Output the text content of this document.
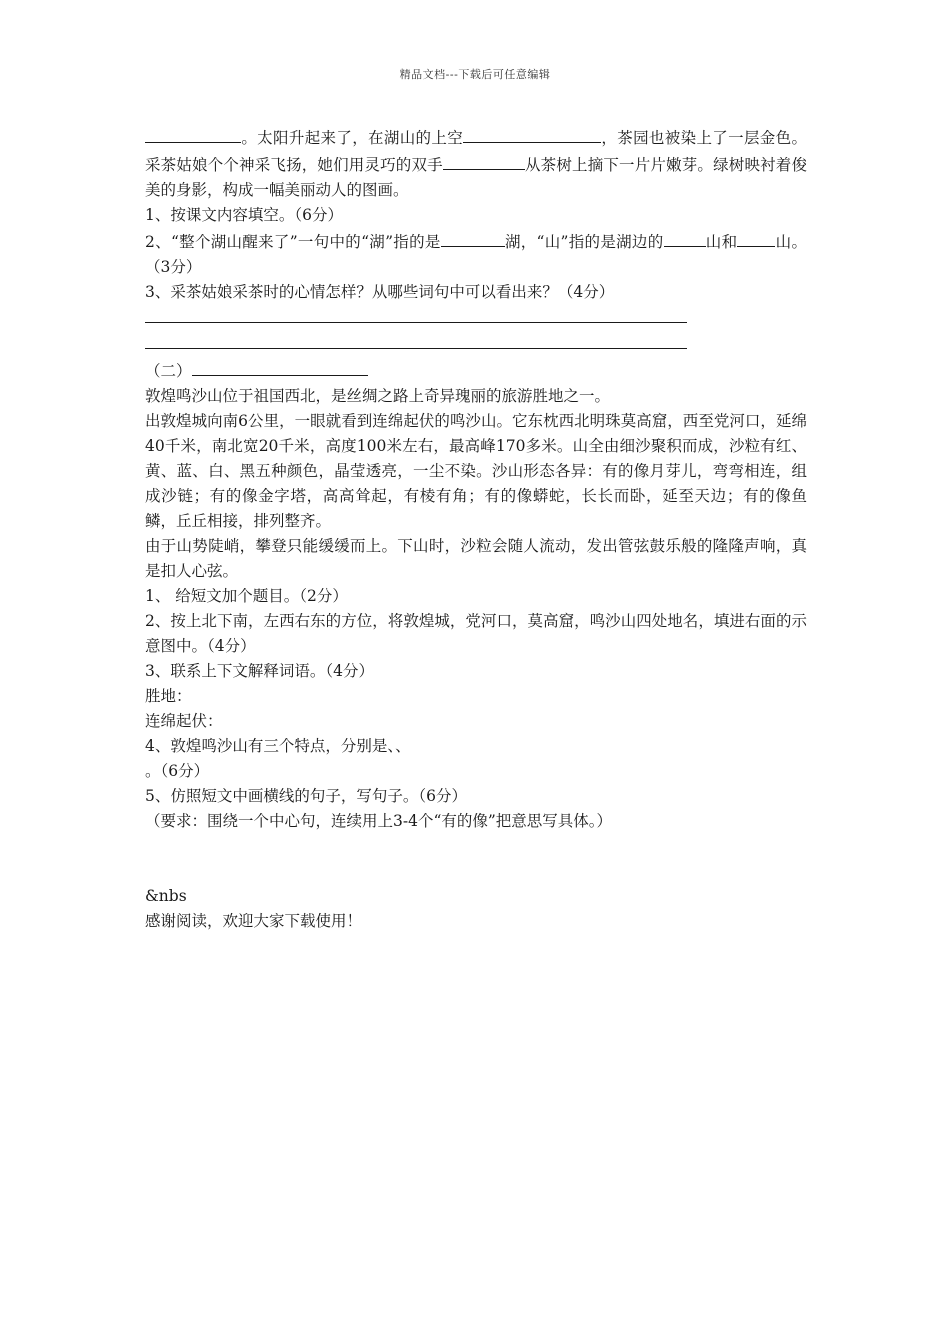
精品文档---下载后可任意编辑

。太阳升起来了，在湖山的上空	，茶园也被染上了一层金色。采茶姑娘个个神采飞扬，她们用灵巧的双手	从茶树上摘下一片片嫩芽。绿树映衬着俊美的身影，构成一幅美丽动人的图画。

1、按课文内容填空。（6分）

2、“整个湖山醒来了”一句中的“湖”指的是	湖，“山”指的是湖边的	山和 山。（3分）

3、采茶姑娘采茶时的心情怎样？从哪些词句中可以看出来？（4分）

（二）

敦煌鸣沙山位于祖国西北，是丝绸之路上奇异瑰丽的旅游胜地之一。

出敦煌城向南6公里，一眼就看到连绵起伏的鸣沙山。它东枕西北明珠莫高窟，西至党河口，延绵40千米，南北宽20千米，高度100米左右，最高峰170多米。山全由细沙聚积而成，沙粒有红、黄、蓝、白、黑五种颜色，晶莹透亮，一尘不染。沙山形态各异：有的像月芽儿，弯弯相连，组成沙链；有的像金字塔，高高耸起，有棱有角；有的像蟒蛇，长长而卧，延至天边；有的像鱼鳞，丘丘相接，排列整齐。

由于山势陡峭，攀登只能缓缓而上。下山时，沙粒会随人流动，发出管弦鼓乐般的隆隆声响，真是扣人心弦。

1、 给短文加个题目。（2分）

2、按上北下南，左西右东的方位，将敦煌城，党河口，莫高窟，鸣沙山四处地名，填进右面的示意图中。（4分）

3、联系上下文解释词语。（4分）

胜地：

连绵起伏：

4、敦煌鸣沙山有三个特点，分别是、、

。（6分）

5、仿照短文中画横线的句子，写句子。（6分）

（要求：围绕一个中心句，连续用上3-4个“有的像”把意思写具体。）

&nbs

感谢阅读，欢迎大家下载使用！
